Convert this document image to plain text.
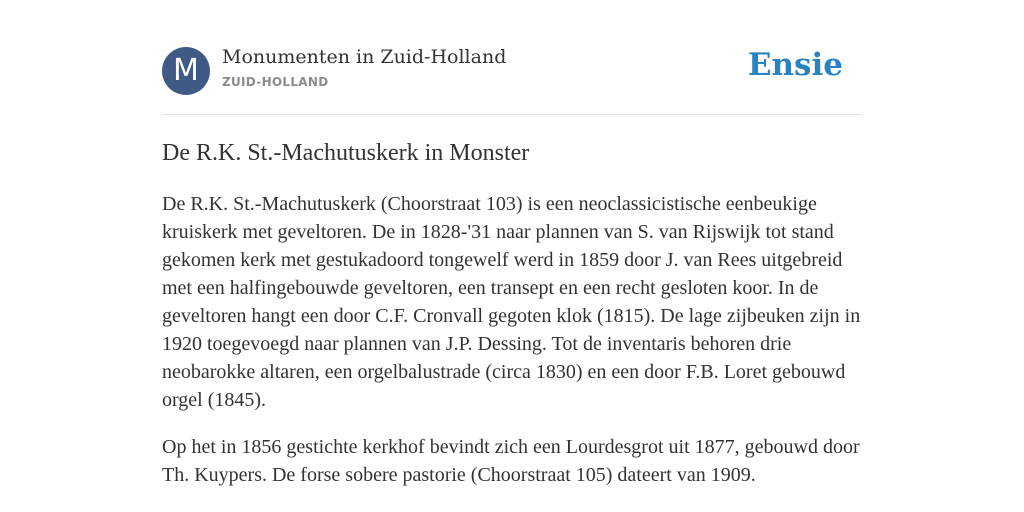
M	Monumenten in Zuid-Holland
ZUID-HOLLAND	Ensie
De R.K. St.-Machutuskerk in Monster

De R.K. St.-Machutuskerk (Choorstraat 103) is een neoclassicistische eenbeukige kruiskerk met geveltoren. De in 1828-'31 naar plannen van S. van Rijswijk tot stand gekomen kerk met gestukadoord tongewelf werd in 1859 door J. van Rees uitgebreid met een halfingebouwde geveltoren, een transept en een recht gesloten koor. In de geveltoren hangt een door C.F. Cronvall gegoten klok (1815). De lage zijbeuken zijn in 1920 toegevoegd naar plannen van J.P. Dessing. Tot de inventaris behoren drie neobarokke altaren, een orgelbalustrade (circa 1830) en een door F.B. Loret gebouwd orgel (1845).

Op het in 1856 gestichte kerkhof bevindt zich een Lourdesgrot uit 1877, gebouwd door Th. Kuypers. De forse sobere pastorie (Choorstraat 105) dateert van 1909.
